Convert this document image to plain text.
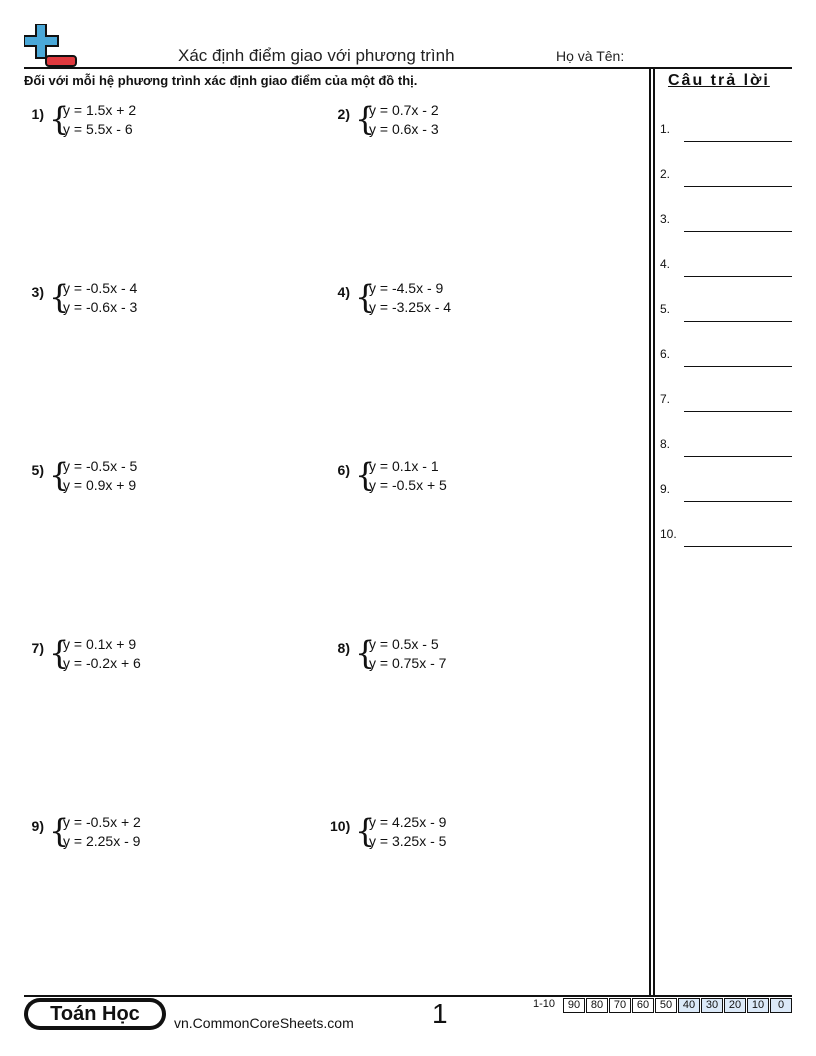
Xác định điểm giao với phương trình	Họ và Tên:
Đối với mỗi hệ phương trình xác định giao điểm của một đồ thị.	Câu trả lời
1) {
y = 1.5x + 2
y = 5.5x - 6
2) {
y = 0.7x - 2
y = 0.6x - 3
3) {
y = -0.5x - 4
y = -0.6x - 3
4) {
y = -4.5x - 9
y = -3.25x - 4
5) {
y = -0.5x - 5
y = 0.9x + 9
6) {
y = 0.1x - 1
y = -0.5x + 5
7) {
y = 0.1x + 9
y = -0.2x + 6
8) {
y = 0.5x - 5
y = 0.75x - 7
9) {
y = -0.5x + 2
y = 2.25x - 9
10) {
y = 4.25x - 9
y = 3.25x - 5
1.
2.
3.
4.
5.
6.
7.
8.
9.
10.
Toán Học	vn.CommonCoreSheets.com	1	1-10	90 80 70 60 50 40 30 20 10	0
